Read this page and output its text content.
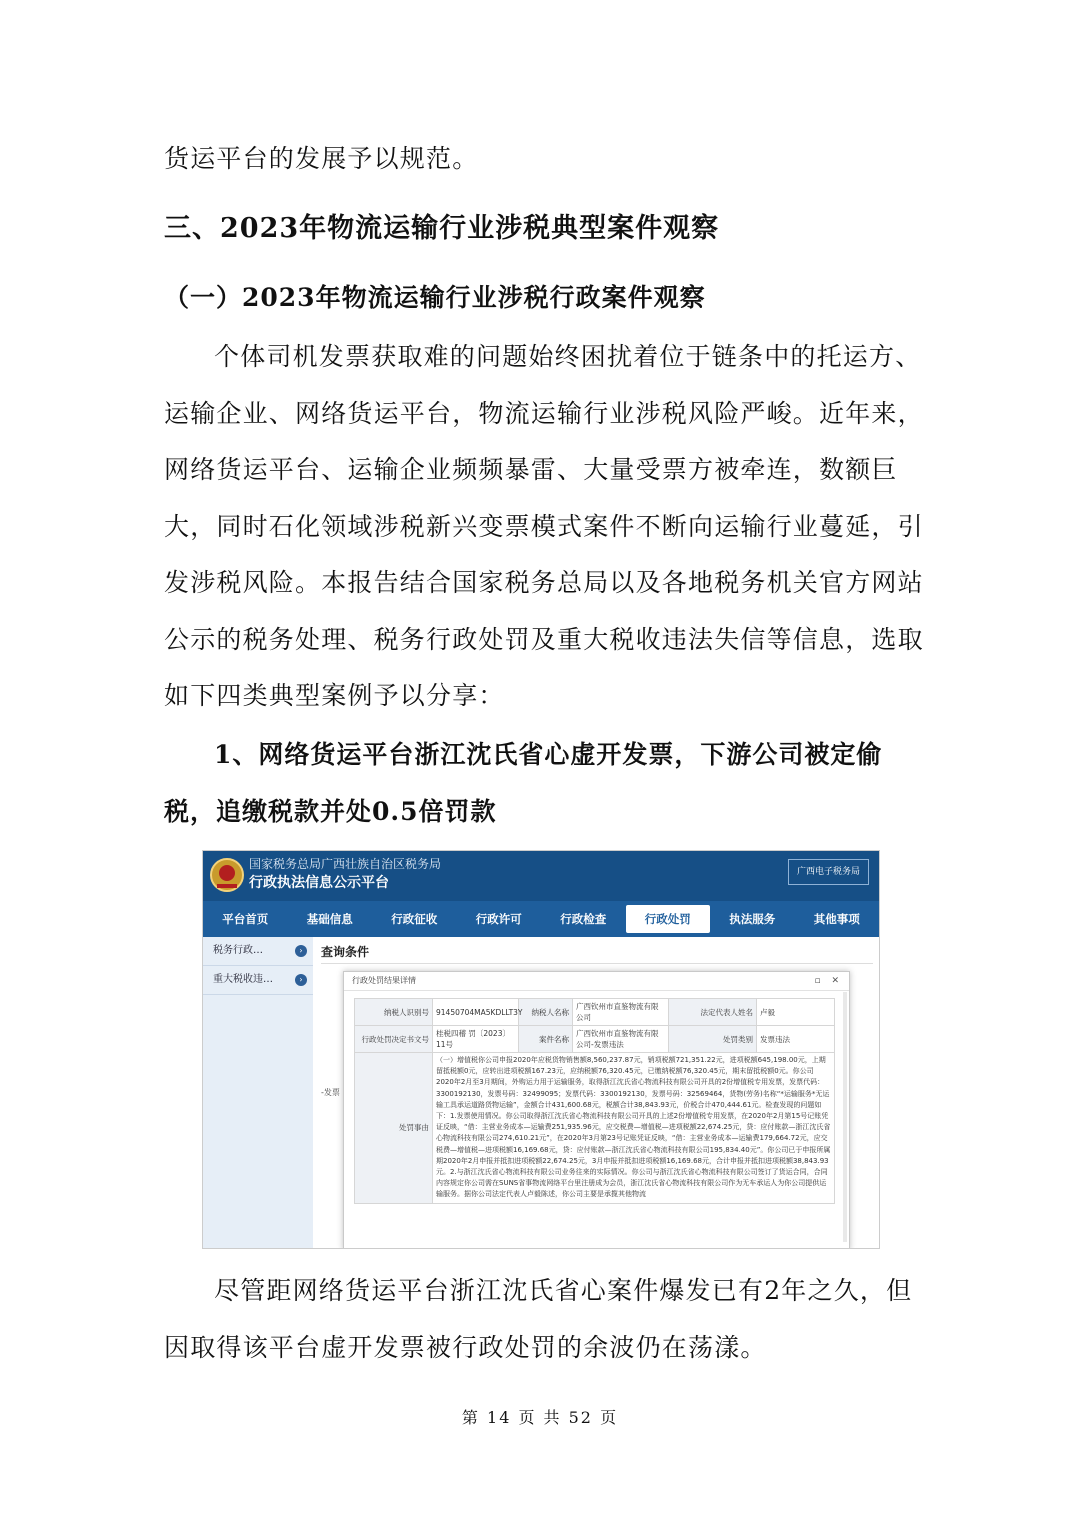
货运平台的发展予以规范。

三、2023年物流运输行业涉税典型案件观察
（一）2023年物流运输行业涉税行政案件观察

个体司机发票获取难的问题始终困扰着位于链条中的托运方、运输企业、网络货运平台，物流运输行业涉税风险严峻。近年来，网络货运平台、运输企业频频暴雷、大量受票方被牵连，数额巨大，同时石化领域涉税新兴变票模式案件不断向运输行业蔓延，引发涉税风险。本报告结合国家税务总局以及各地税务机关官方网站公示的税务处理、税务行政处罚及重大税收违法失信等信息，选取如下四类典型案例予以分享：

1、网络货运平台浙江沈氏省心虚开发票，下游公司被定偷税，追缴税款并处0.5倍罚款

国家税务总局广西壮族自治区税务局
行政执法信息公示平台
广西电子税务局
平台首页	基础信息	行政征收	行政许可	行政检查	行政处罚	执法服务	其他事项
税务行政…	›
重大税收违…	›
查询条件
-发票
行政处罚结果详情	▫ ✕
纳税人识别号	91450704MA5KDLLT3Y	纳税人名称	广西钦州市直鉴物流有限公司	法定代表人姓名	卢毅
行政处罚决定书文号	桂税四稽 罚〔2023〕11号	案件名称	广西钦州市直鉴物流有限公司-发票违法	处罚类别	发票违法
处罚事由	（一）增值税你公司申报2020年应税货物销售额8,560,237.87元，销项税额721,351.22元，进项税额645,198.00元，上期留抵税额0元，应转出进项税额167.23元，应纳税额76,320.45元，已缴纳税额76,320.45元，期末留抵税额0元。你公司2020年2月至3月期间，外购运力用于运输服务，取得浙江沈氏省心物流科技有限公司开具的2份增值税专用发票，发票代码：3300192130，发票号码：32499095；发票代码：3300192130，发票号码：32569464，货物(劳务)名称“*运输服务*无运输工具承运道路货物运输”，金额合计431,600.68元，税额合计38,843.93元，价税合计470,444.61元。检查发现的问题如下：1.发票使用情况。你公司取得浙江沈氏省心物流科技有限公司开具的上述2份增值税专用发票，在2020年2月第15号记账凭证反映，“借：主营业务成本—运输费251,935.96元，应交税费—增值税—进项税额22,674.25元，贷：应付账款—浙江沈氏省心物流科技有限公司274,610.21元”，在2020年3月第23号记账凭证反映，“借：主营业务成本—运输费179,664.72元，应交税费—增值税—进项税额16,169.68元，贷：应付账款—浙江沈氏省心物流科技有限公司195,834.40元”。你公司已于申报所属期2020年2月申报并抵扣进项税额22,674.25元，3月申报并抵扣进项税额16,169.68元，合计申报并抵扣进项税额38,843.93元。2.与浙江沈氏省心物流科技有限公司业务往来的实际情况。你公司与浙江沈氏省心物流科技有限公司签订了货运合同，合同内容规定你公司需在SUNS省事物流网络平台里注册成为会员，浙江沈氏省心物流科技有限公司作为无车承运人为你公司提供运输服务。据你公司法定代表人卢毅陈述，你公司主要是承揽其他物流				

尽管距网络货运平台浙江沈氏省心案件爆发已有2年之久，但因取得该平台虚开发票被行政处罚的余波仍在荡漾。

第 14 页 共 52 页
